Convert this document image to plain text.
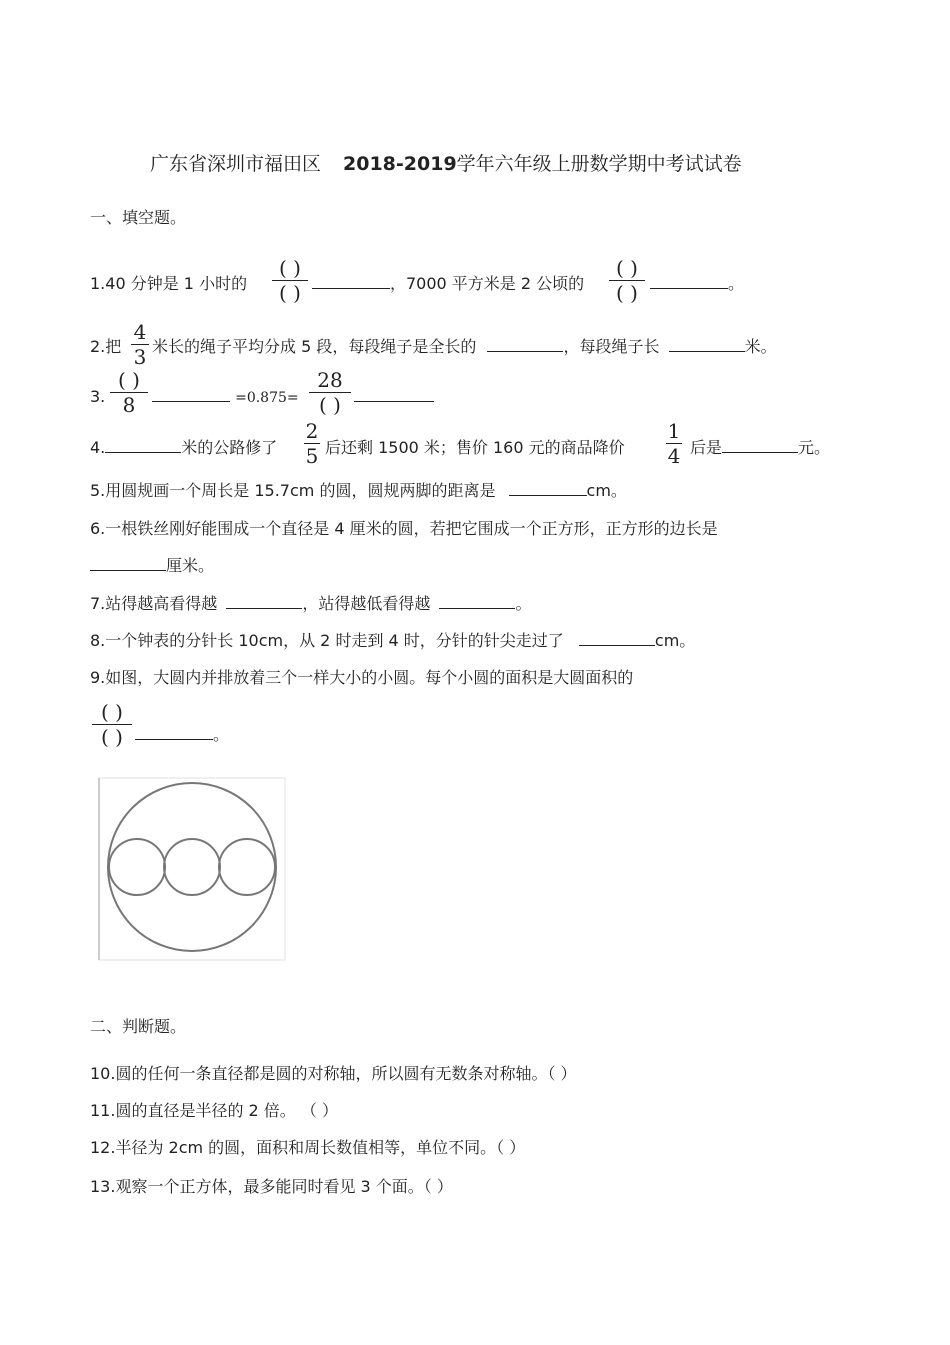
广东省深圳市福田区 2018-2019学年六年级上册数学期中考试试卷
一、填空题。
1.40 分钟是 1 小时的
( )
( )	，7000 平方米是 2 公顷的
( )
( )	。
2.把
4
3 米长的绳子平均分成 5 段，每段绳子是全长的	，每段绳子长	米。
3.
( )
8	=0.875=
28
( )
4.	米的公路修了
2
5 后还剩 1500 米；售价 160 元的商品降价
1
4 后是	元。
5.用圆规画一个周长是 15.7cm 的圆，圆规两脚的距离是	cm。
6.一根铁丝刚好能围成一个直径是 4 厘米的圆，若把它围成一个正方形，正方形的边长是
厘米。
7.站得越高看得越	，站得越低看得越	。
8.一个钟表的分针长 10cm，从 2 时走到 4 时，分针的针尖走过了	cm。
9.如图，大圆内并排放着三个一样大小的小圆。每个小圆的面积是大圆面积的
( )
( )	。
二、判断题。
10.圆的任何一条直径都是圆的对称轴，所以圆有无数条对称轴。（ ）
11.圆的直径是半径的 2 倍。 （ ）
12.半径为 2cm 的圆，面积和周长数值相等，单位不同。（ ）
13.观察一个正方体，最多能同时看见 3 个面。（ ）
